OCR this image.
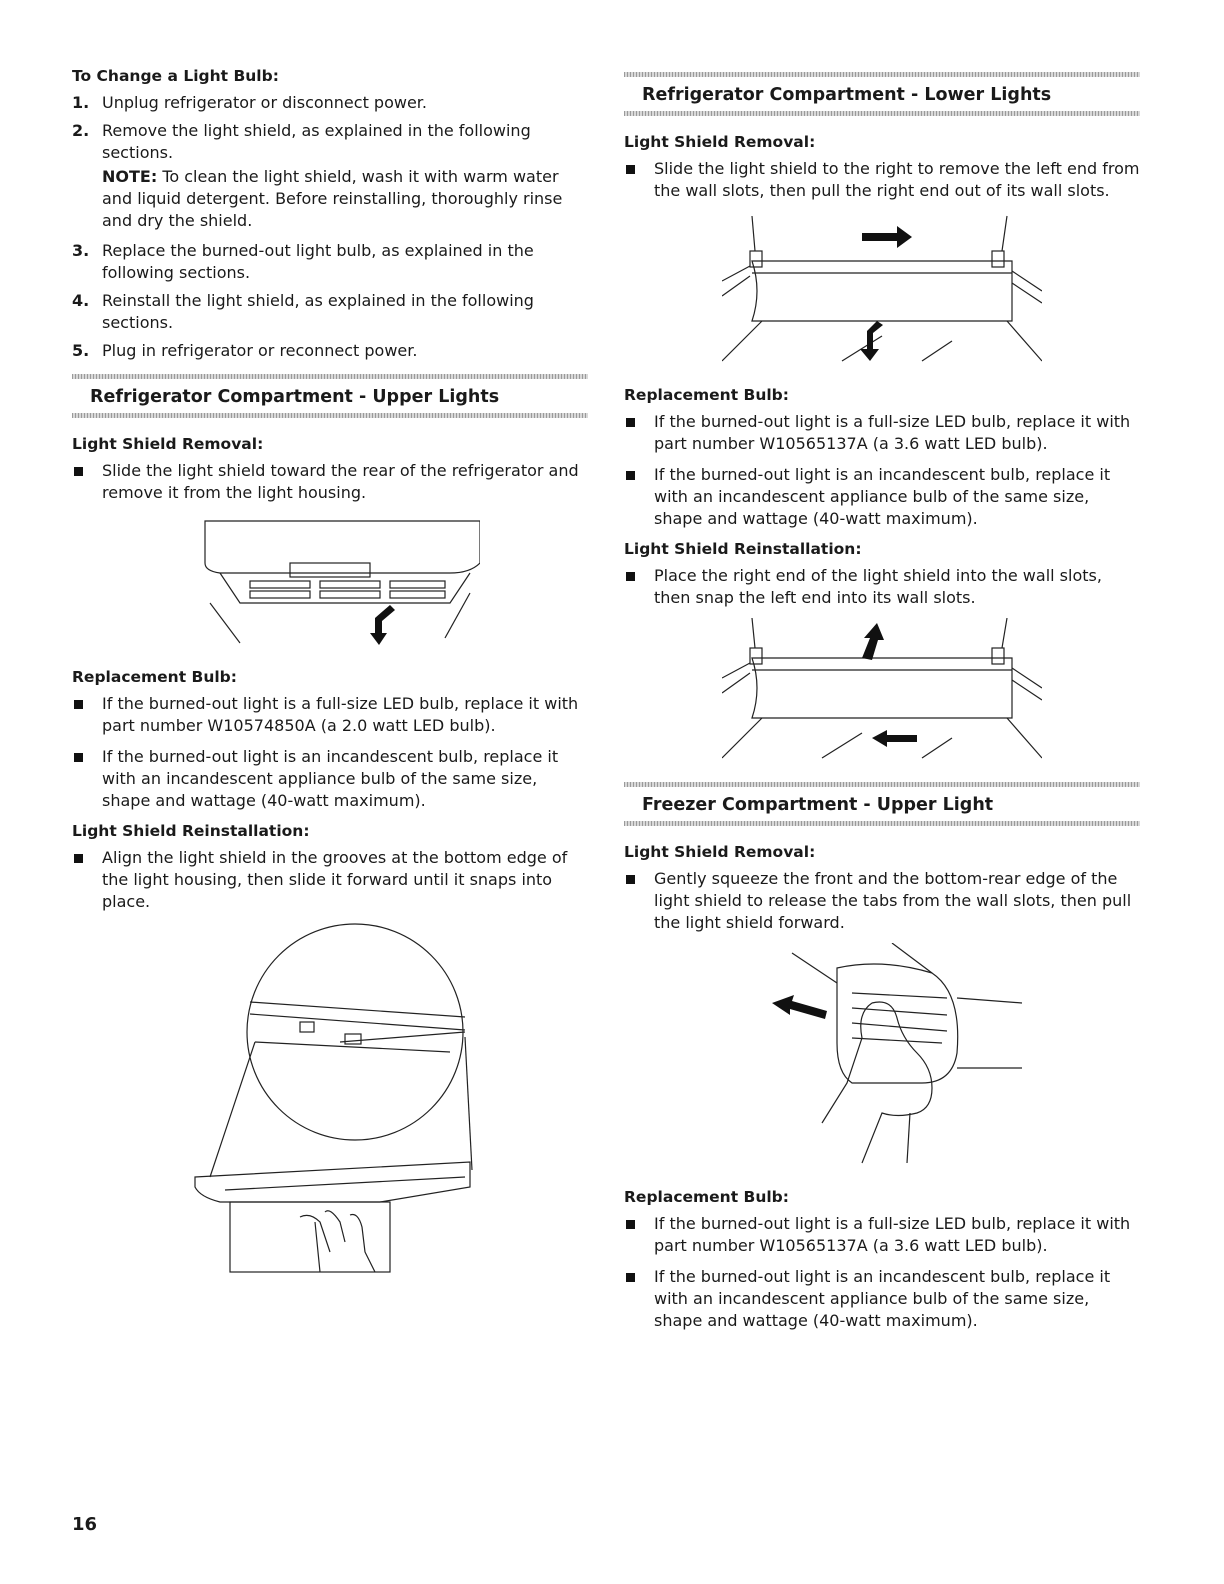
To Change a Light Bulb:
1. Unplug refrigerator or disconnect power.
2. Remove the light shield, as explained in the following sections.
NOTE: To clean the light shield, wash it with warm water and liquid detergent. Before reinstalling, thoroughly rinse and dry the shield.
3. Replace the burned-out light bulb, as explained in the following sections.
4. Reinstall the light shield, as explained in the following sections.
5. Plug in refrigerator or reconnect power.
Refrigerator Compartment - Upper Lights
Light Shield Removal:
Slide the light shield toward the rear of the refrigerator and remove it from the light housing.
Replacement Bulb:
If the burned-out light is a full-size LED bulb, replace it with part number W10574850A (a 2.0 watt LED bulb).
If the burned-out light is an incandescent bulb, replace it with an incandescent appliance bulb of the same size, shape and wattage (40-watt maximum).
Light Shield Reinstallation:
Align the light shield in the grooves at the bottom edge of the light housing, then slide it forward until it snaps into place.
Refrigerator Compartment - Lower Lights
Light Shield Removal:
Slide the light shield to the right to remove the left end from the wall slots, then pull the right end out of its wall slots.
Replacement Bulb:
If the burned-out light is a full-size LED bulb, replace it with part number W10565137A (a 3.6 watt LED bulb).
If the burned-out light is an incandescent bulb, replace it with an incandescent appliance bulb of the same size, shape and wattage (40-watt maximum).
Light Shield Reinstallation:
Place the right end of the light shield into the wall slots, then snap the left end into its wall slots.
Freezer Compartment - Upper Light
Light Shield Removal:
Gently squeeze the front and the bottom-rear edge of the light shield to release the tabs from the wall slots, then pull the light shield forward.
Replacement Bulb:
If the burned-out light is a full-size LED bulb, replace it with part number W10565137A (a 3.6 watt LED bulb).
If the burned-out light is an incandescent bulb, replace it with an incandescent appliance bulb of the same size, shape and wattage (40-watt maximum).
16
